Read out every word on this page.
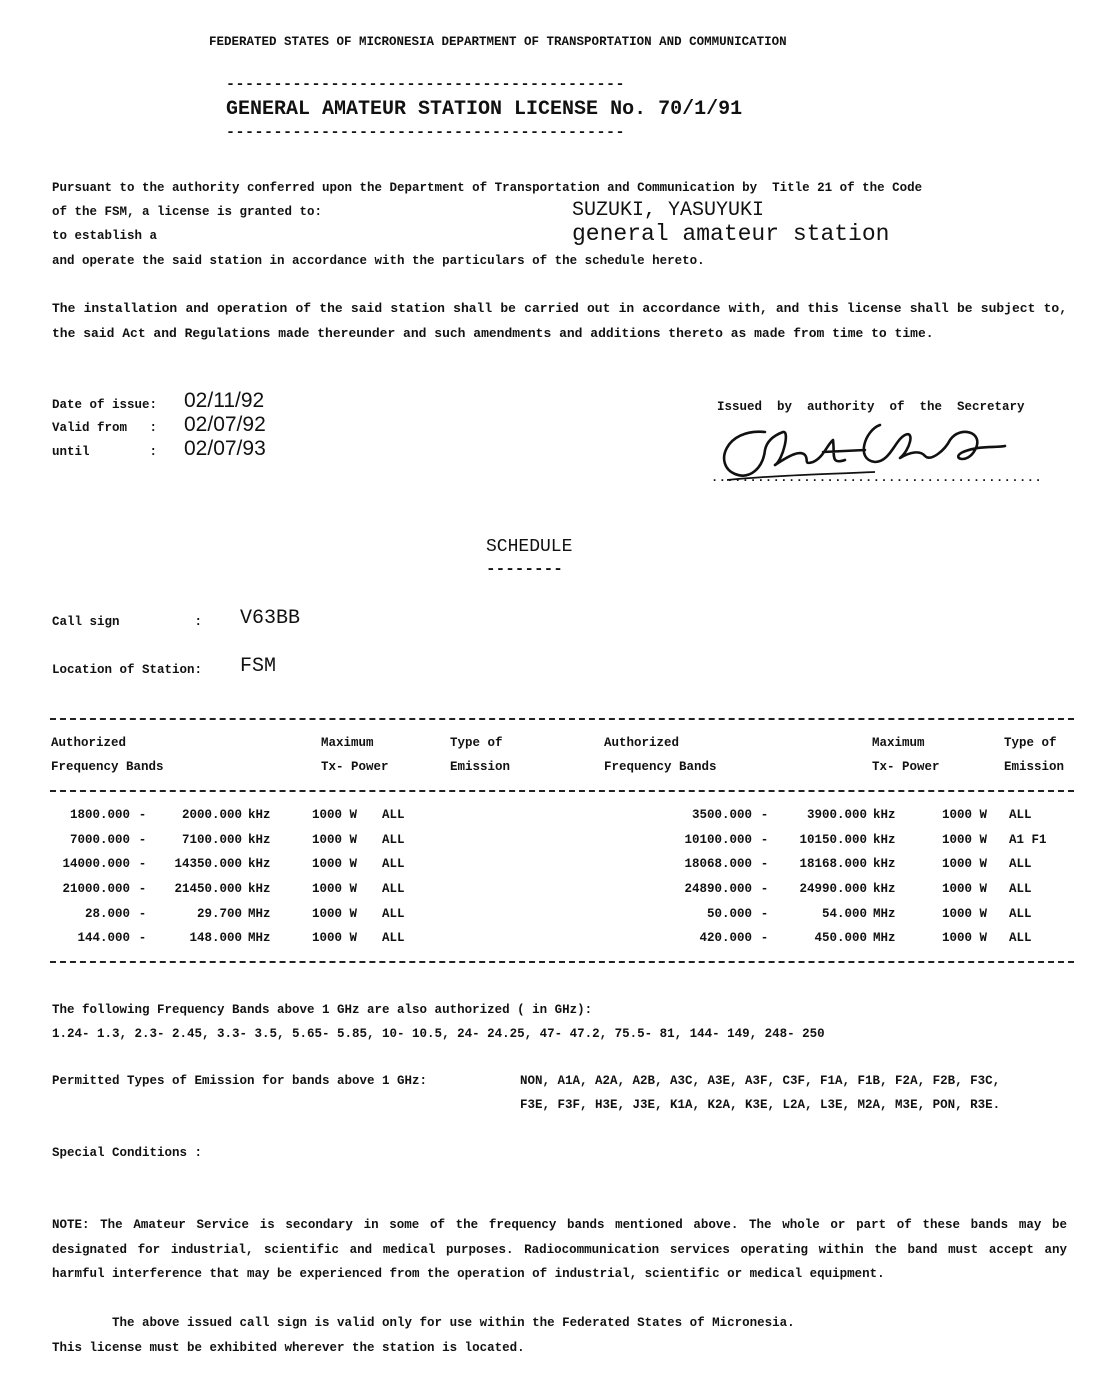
FEDERATED STATES OF MICRONESIA DEPARTMENT OF TRANSPORTATION AND COMMUNICATION
------------------------------------------
GENERAL AMATEUR STATION LICENSE No. 70/1/91
------------------------------------------
Pursuant to the authority conferred upon the Department of Transportation and Communication by  Title 21 of the Code
of the FSM, a license is granted to:	SUZUKI, YASUYUKI
to establish a	general amateur station
and operate the said station in accordance with the particulars of the schedule hereto.
The installation and operation of the said station shall be carried out in accordance with, and this license shall be subject to, the said Act and Regulations made thereunder and such amendments and additions thereto as made from time to time.
Date of issue: 02/11/92
Valid from   : 02/07/92
until        : 02/07/93
Issued  by  authority  of  the  Secretary
...........................................
SCHEDULE
--------
Call sign          : V63BB
Location of Station: FSM
Authorized
Frequency Bands
Maximum
Tx- Power
Type of
Emission
Authorized
Frequency Bands
Maximum
Tx- Power
Type of
Emission
1800.000	-	2000.000	kHz	1000 W	ALL		3500.000	-	3900.000	kHz	1000 W	ALL
7000.000	-	7100.000	kHz	1000 W	ALL		10100.000	-	10150.000	kHz	1000 W	A1 F1
14000.000	-	14350.000	kHz	1000 W	ALL		18068.000	-	18168.000	kHz	1000 W	ALL
21000.000	-	21450.000	kHz	1000 W	ALL		24890.000	-	24990.000	kHz	1000 W	ALL
28.000	-	29.700	MHz	1000 W	ALL		50.000	-	54.000	MHz	1000 W	ALL
144.000	-	148.000	MHz	1000 W	ALL		420.000	-	450.000	MHz	1000 W	ALL
The following Frequency Bands above 1 GHz are also authorized ( in GHz):
1.24- 1.3, 2.3- 2.45, 3.3- 3.5, 5.65- 5.85, 10- 10.5, 24- 24.25, 47- 47.2, 75.5- 81, 144- 149, 248- 250
Permitted Types of Emission for bands above 1 GHz:	NON, A1A, A2A, A2B, A3C, A3E, A3F, C3F, F1A, F1B, F2A, F2B, F3C,
F3E, F3F, H3E, J3E, K1A, K2A, K3E, L2A, L3E, M2A, M3E, PON, R3E.
Special Conditions :
NOTE: The Amateur Service is secondary in some of the frequency bands mentioned above. The whole or part of these bands may be designated for industrial, scientific and medical purposes. Radiocommunication services operating within the band must accept any harmful interference that may be experienced from the operation of industrial, scientific or medical equipment.
The above issued call sign is valid only for use within the Federated States of Micronesia.
This license must be exhibited wherever the station is located.
